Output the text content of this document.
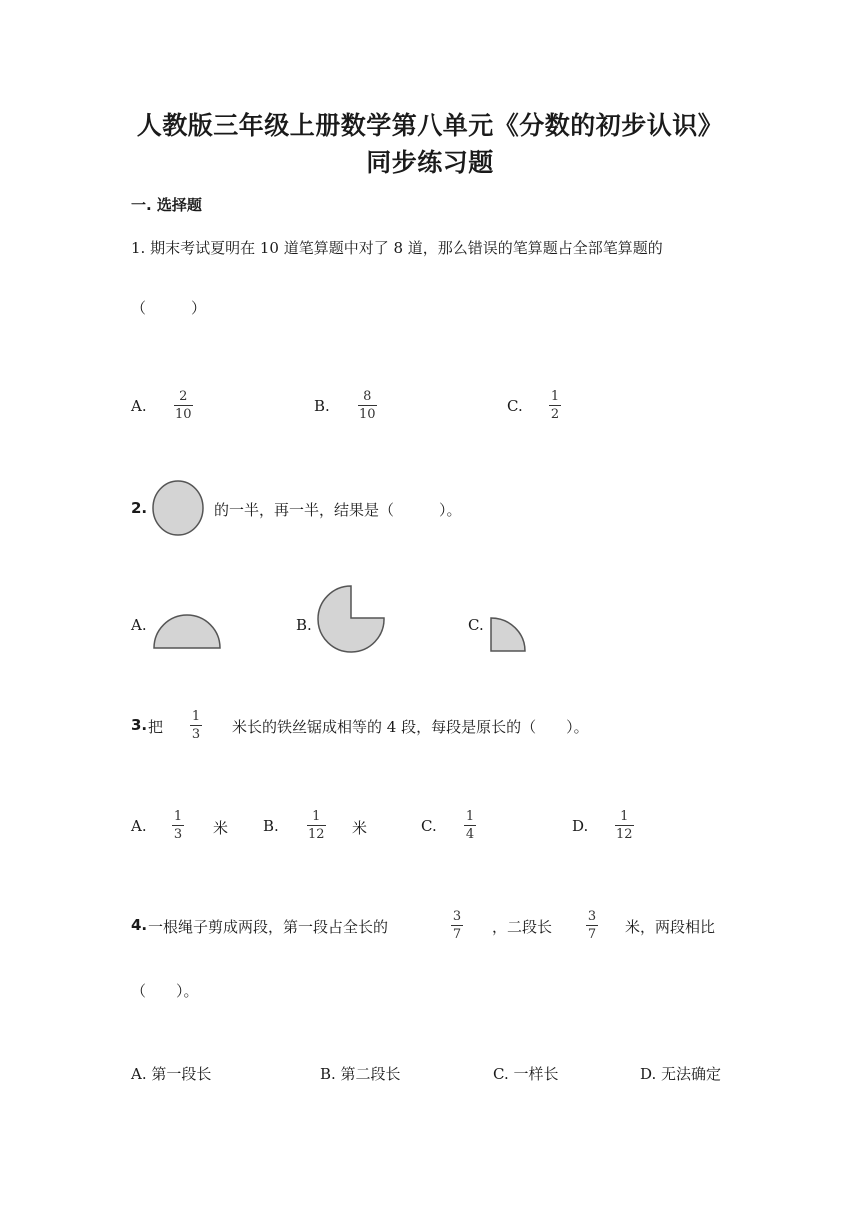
人教版三年级上册数学第八单元《分数的初步认识》
同步练习题
一. 选择题
1. 期末考试夏明在 10 道笔算题中对了 8 道，那么错误的笔算题占全部笔算题的
（　　　）
A.
2
10	B.
8
10	C.
1
2
2.	的一半，再一半，结果是（　　　）。
A.	B.	C.
3. 把
1
3 米长的铁丝锯成相等的 4 段，每段是原长的（　　）。
A.
1
3 米 B.
1
12 米	C.
1
4	D.
1
12
4. 一根绳子剪成两段，第一段占全长的
3
7 ，二段长
3
7 米，两段相比
（　　）。
A. 第一段长	B. 第二段长	C. 一样长	D. 无法确定
